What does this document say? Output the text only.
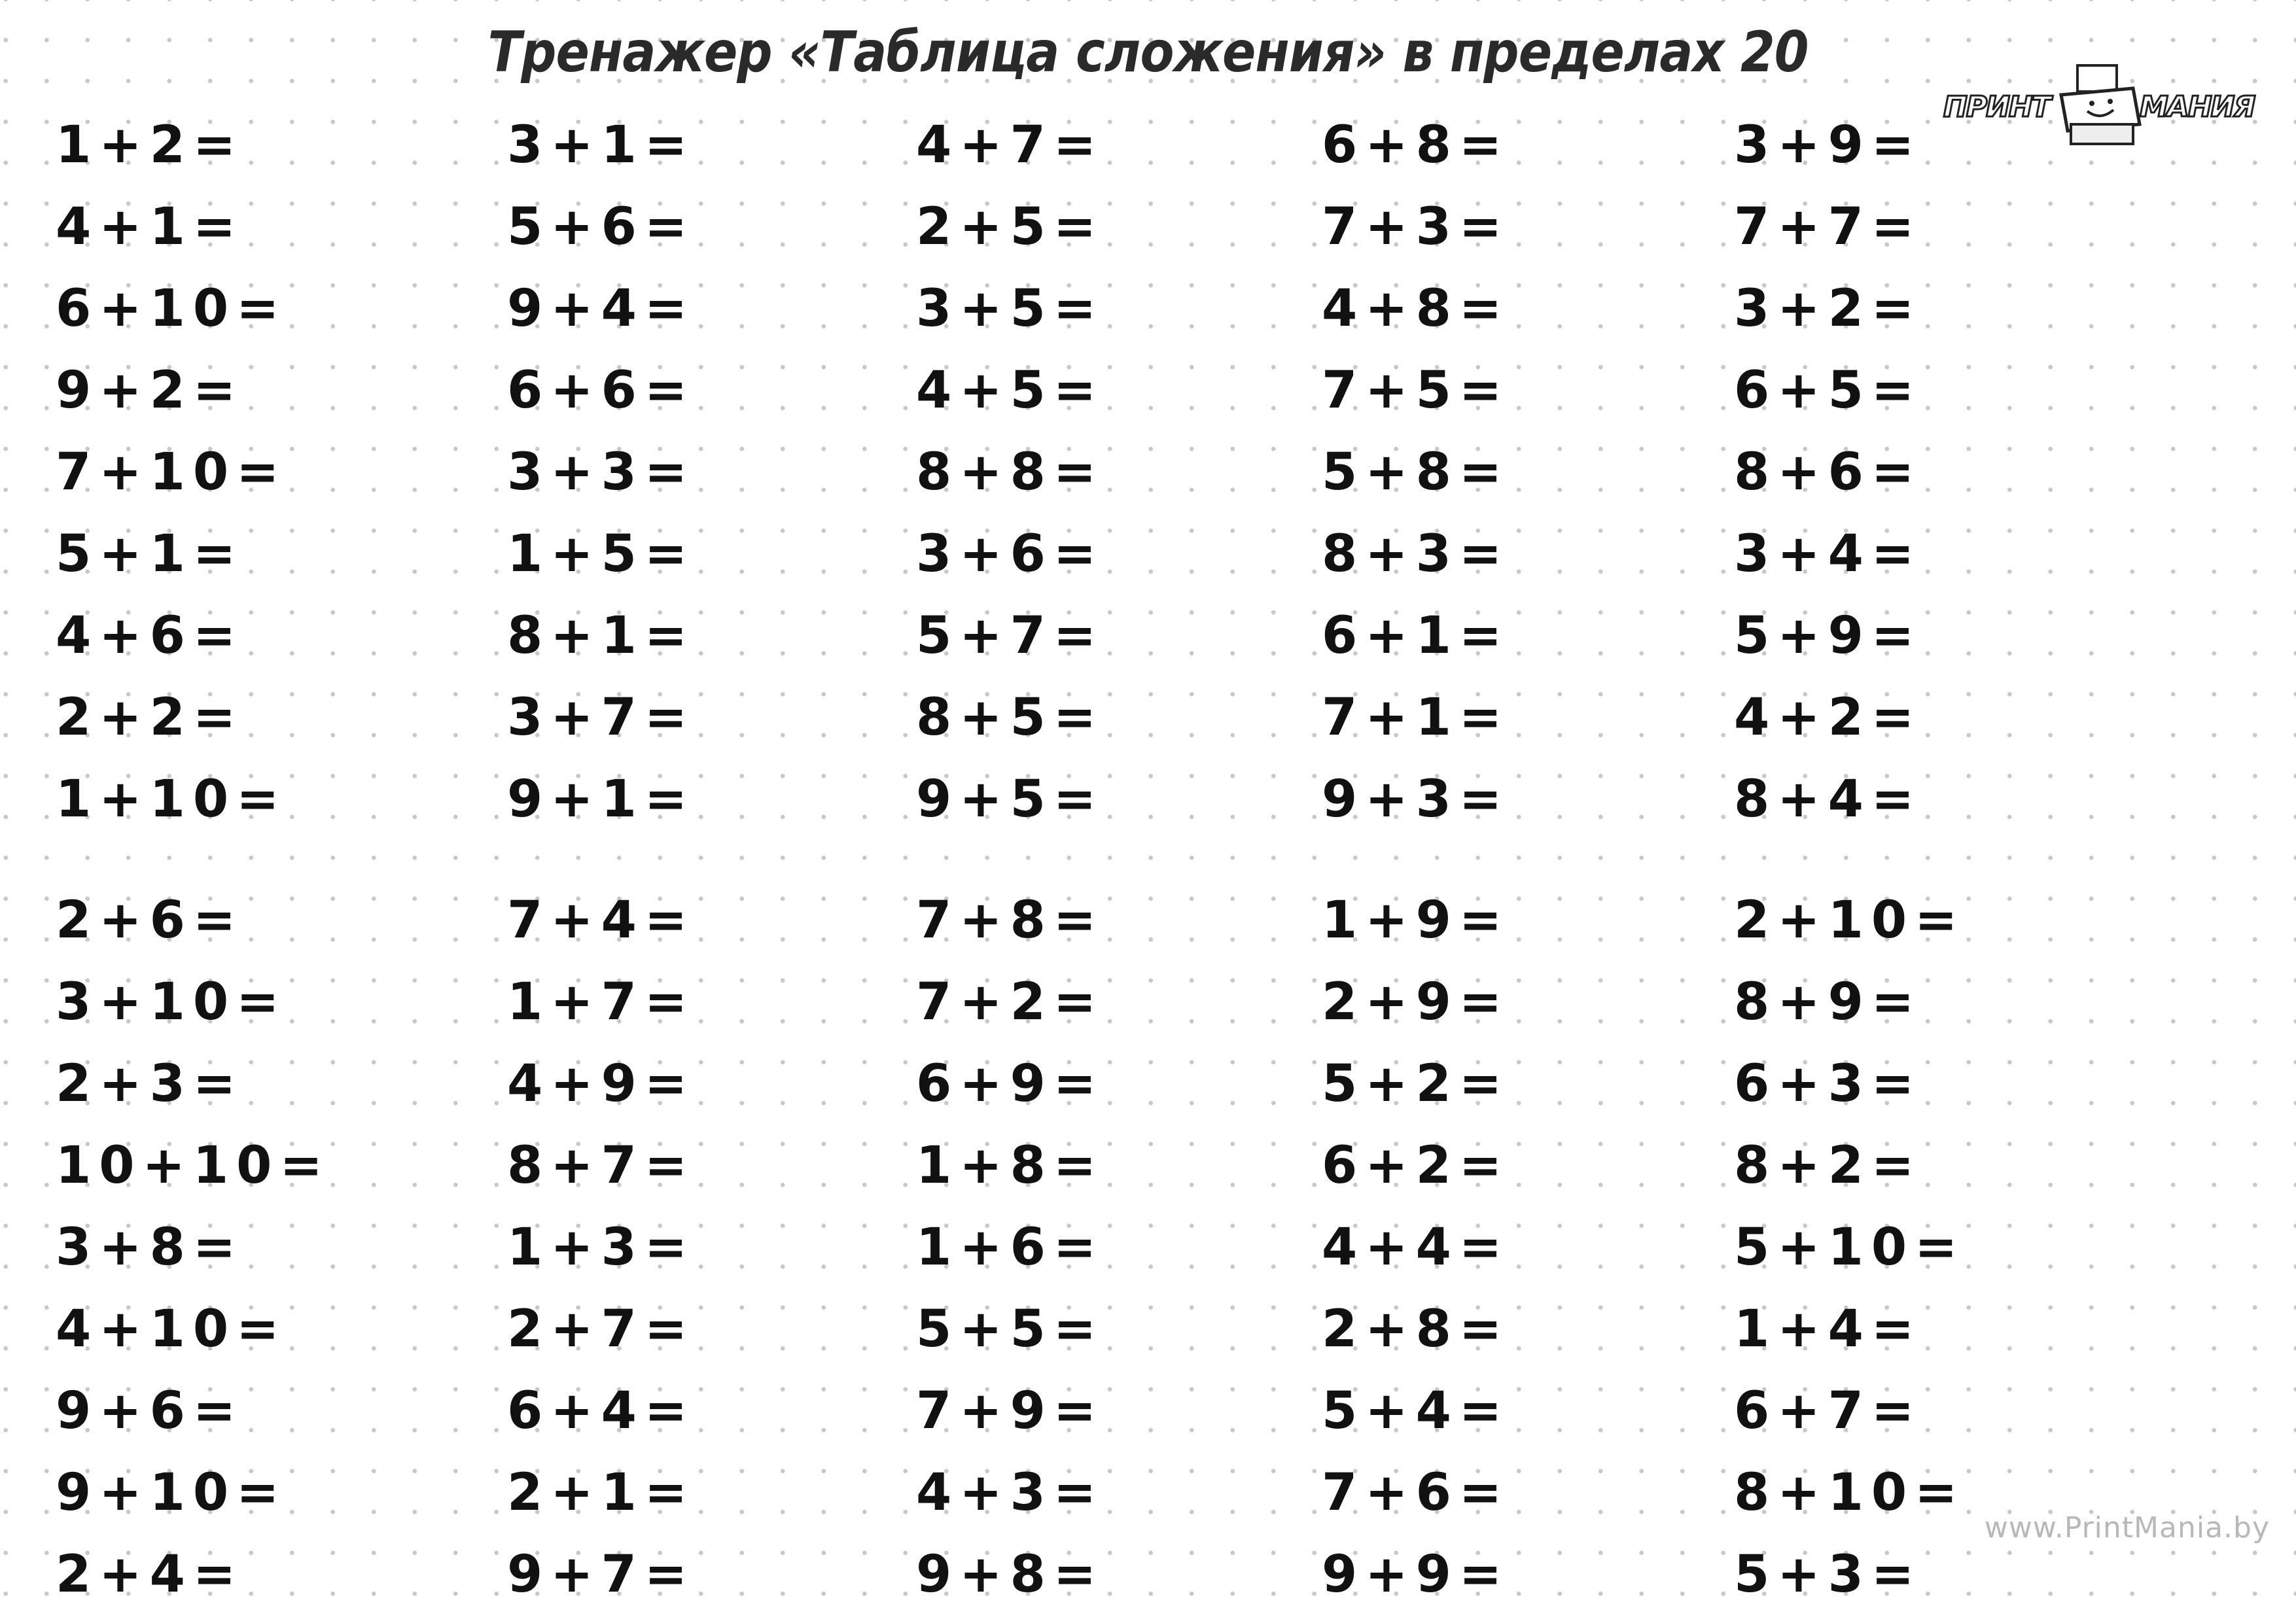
Тренажер «Таблица сложения» в пределах 20
ПРИНТ	МАНИЯ
1+2=	3+1=	4+7=	6+8=	3+9=
4+1=	5+6=	2+5=	7+3=	7+7=
6+10=	9+4=	3+5=	4+8=	3+2=
9+2=	6+6=	4+5=	7+5=	6+5=
7+10=	3+3=	8+8=	5+8=	8+6=
5+1=	1+5=	3+6=	8+3=	3+4=
4+6=	8+1=	5+7=	6+1=	5+9=
2+2=	3+7=	8+5=	7+1=	4+2=
1+10=	9+1=	9+5=	9+3=	8+4=
2+6=	7+4=	7+8=	1+9=	2+10=
3+10=	1+7=	7+2=	2+9=	8+9=
2+3=	4+9=	6+9=	5+2=	6+3=
10+10=	8+7=	1+8=	6+2=	8+2=
3+8=	1+3=	1+6=	4+4=	5+10=
4+10=	2+7=	5+5=	2+8=	1+4=
9+6=	6+4=	7+9=	5+4=	6+7=
9+10=	2+1=	4+3=	7+6=	8+10=
2+4=	9+7=	9+8=	9+9=	5+3=
www.PrintMania.by
